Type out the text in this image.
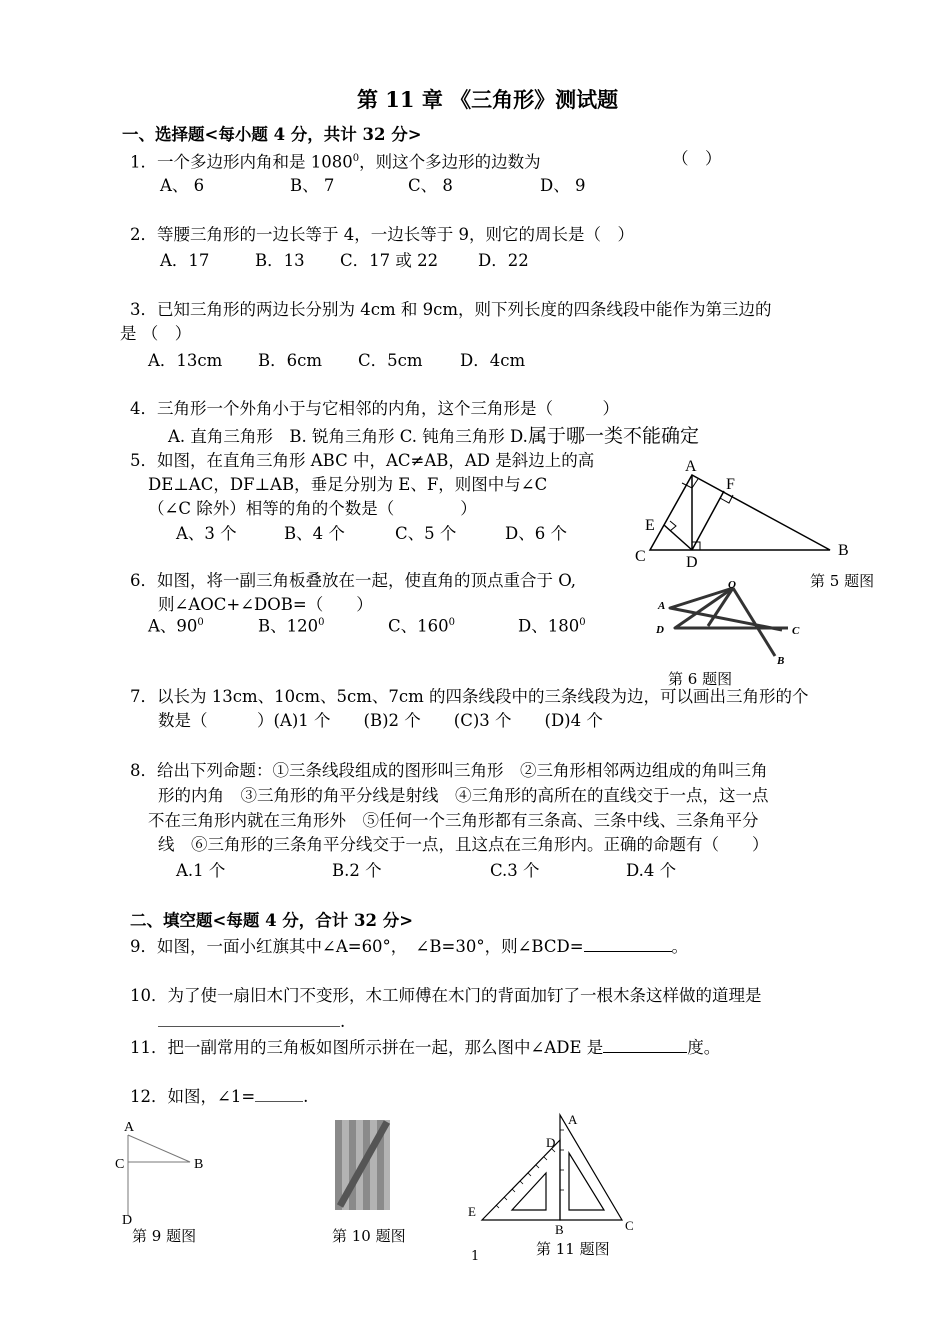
第 11 章 《三角形》测试题
一、选择题<每小题 4 分，共计 32 分>
1．一个多边形内角和是 1080$^0$，则这个多边形的边数为	（　）
A、 6	B、 7	C、 8	D、 9
2．等腰三角形的一边长等于 4，一边长等于 9，则它的周长是（　）
A．17	B．13 C．17 或 22 D．22
3．已知三角形的两边长分别为 4cm 和 9cm，则下列长度的四条线段中能作为第三边的
是 （　）
A．13cm B．6cm C．5cm D．4cm
4．三角形一个外角小于与它相邻的内角，这个三角形是（　　　）
A. 直角三角形　B. 锐角三角形 C. 钝角三角形 D.属于哪一类不能确定
5．如图，在直角三角形 ABC 中，AC≠AB，AD 是斜边上的高
DE⊥AC，DF⊥AB，垂足分别为 E、F，则图中与∠C
（∠C 除外）相等的角的个数是（　　　　）
A、3 个	B、4 个	C、5 个	D、6 个
A
F
E
C	D
B
第 5 题图
6．如图，将一副三角板叠放在一起，使直角的顶点重合于 O,
则∠AOC+∠DOB=（　　）
A、$90^0$	B、$120^0$	C、$160^0$	D、$180^0$
O
A
D	C
B
第 6 题图
7．以长为 13cm、10cm、5cm、7cm 的四条线段中的三条线段为边，可以画出三角形的个
数是（　　　）(A)1 个　　(B)2 个　　(C)3 个　　(D)4 个
8．给出下列命题：①三条线段组成的图形叫三角形　②三角形相邻两边组成的角叫三角
形的内角　③三角形的角平分线是射线　④三角形的高所在的直线交于一点，这一点
不在三角形内就在三角形外　⑤任何一个三角形都有三条高、三条中线、三条角平分
线　⑥三角形的三条角平分线交于一点，且这点在三角形内。正确的命题有（　　）
A.1 个	B.2 个	C.3 个	D.4 个
二、填空题<每题 4 分，合计 32 分>
9．如图，一面小红旗其中∠A=60°，　∠B=30°，则∠BCD=	。
10．为了使一扇旧木门不变形，木工师傅在木门的背面加钉了一根木条这样做的道理是
.
11．把一副常用的三角板如图所示拼在一起，那么图中∠ADE 是	度。
12．如图，∠1=	.
A
C	B
D
第 9 题图	第 10 题图
A
D
E
B	C
第 11 题图
1
